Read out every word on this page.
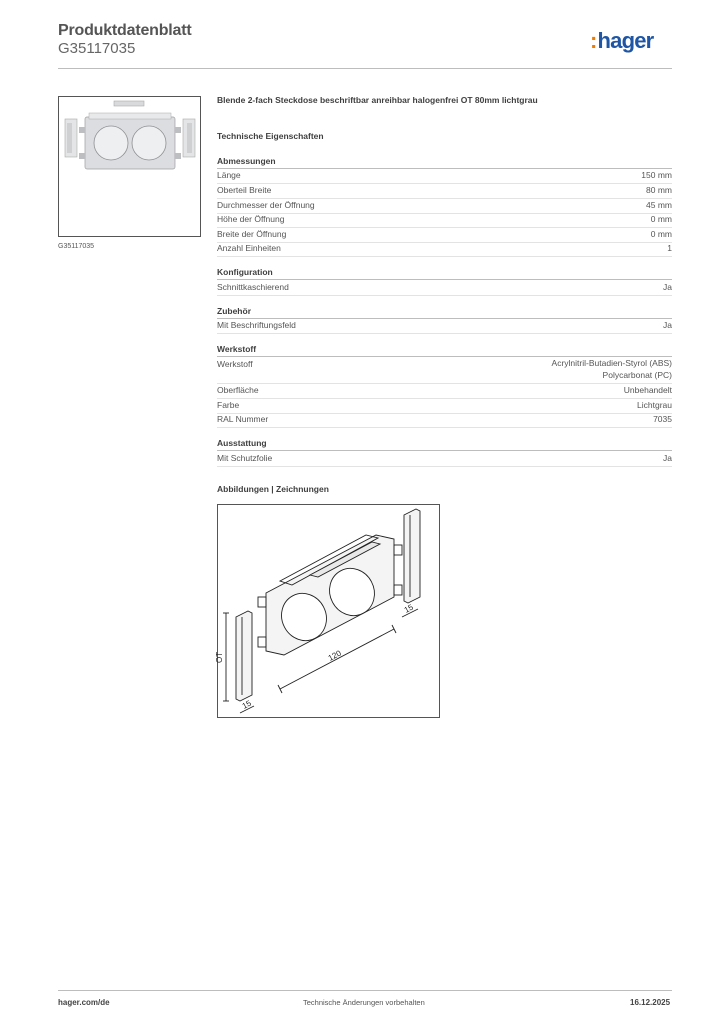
Produktdatenblatt
G35117035	:hager
G35117035
Blende 2-fach Steckdose beschriftbar anreihbar halogenfrei OT 80mm lichtgrau
Technische Eigenschaften
Abmessungen
Länge	150 mm
Oberteil Breite	80 mm
Durchmesser der Öffnung	45 mm
Höhe der Öffnung	0 mm
Breite der Öffnung	0 mm
Anzahl Einheiten	1
Konfiguration
Schnittkaschierend	Ja
Zubehör
Mit Beschriftungsfeld	Ja
Werkstoff
Werkstoff	Acrylnitril-Butadien-Styrol (ABS)
Polycarbonat (PC)
Oberfläche	Unbehandelt
Farbe	Lichtgrau
RAL Nummer	7035
Ausstattung
Mit Schutzfolie	Ja
Abbildungen | Zeichnungen
OT	120
15
15
hager.com/de	Technische Änderungen vorbehalten	16.12.2025
